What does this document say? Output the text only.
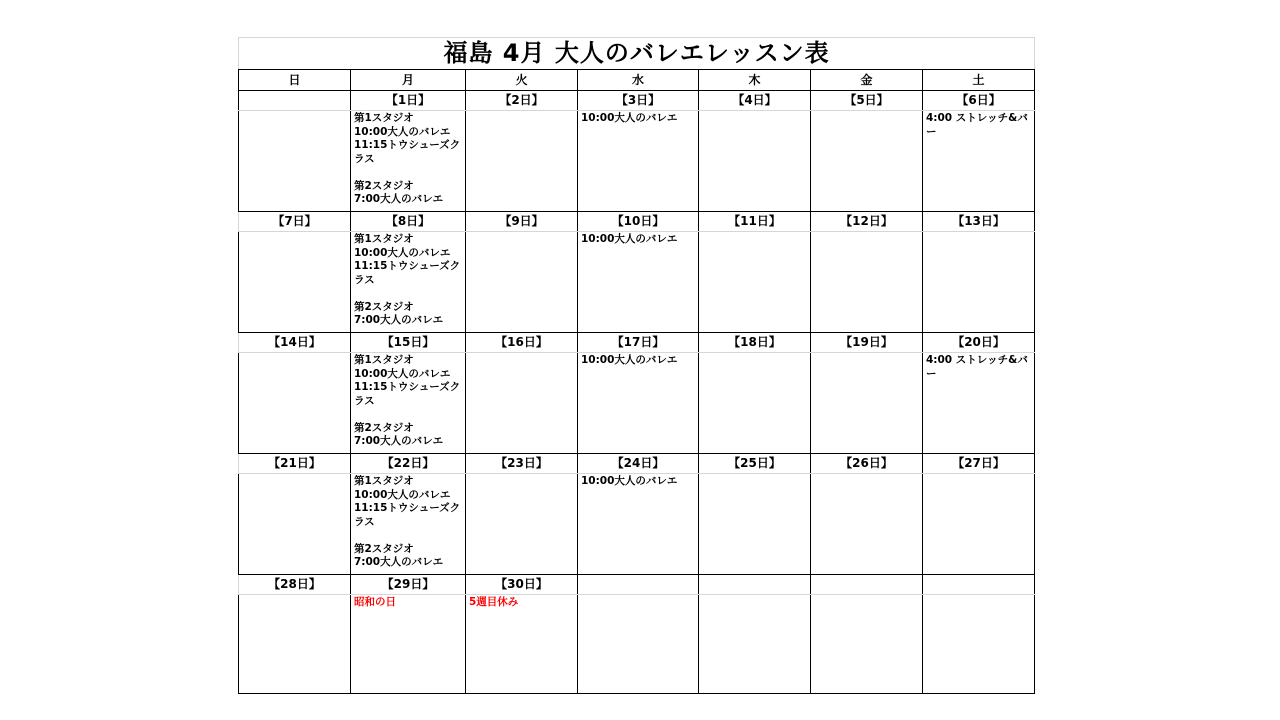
福島 4月 大人のバレエレッスン表						
日	月	火	水	木	金	土
	【1日】	【2日】	【3日】	【4日】	【5日】	【6日】
	第1スタジオ
10:00大人のバレエ
11:15トウシューズクラス

第2スタジオ
7:00大人のバレエ		10:00大人のバレエ			4:00 ストレッチ&バー
【7日】	【8日】	【9日】	【10日】	【11日】	【12日】	【13日】
	第1スタジオ
10:00大人のバレエ
11:15トウシューズクラス

第2スタジオ
7:00大人のバレエ		10:00大人のバレエ			
【14日】	【15日】	【16日】	【17日】	【18日】	【19日】	【20日】
	第1スタジオ
10:00大人のバレエ
11:15トウシューズクラス

第2スタジオ
7:00大人のバレエ		10:00大人のバレエ			4:00 ストレッチ&バー
【21日】	【22日】	【23日】	【24日】	【25日】	【26日】	【27日】
	第1スタジオ
10:00大人のバレエ
11:15トウシューズクラス

第2スタジオ
7:00大人のバレエ		10:00大人のバレエ			
【28日】	【29日】	【30日】				
	昭和の日	5週目休み				
